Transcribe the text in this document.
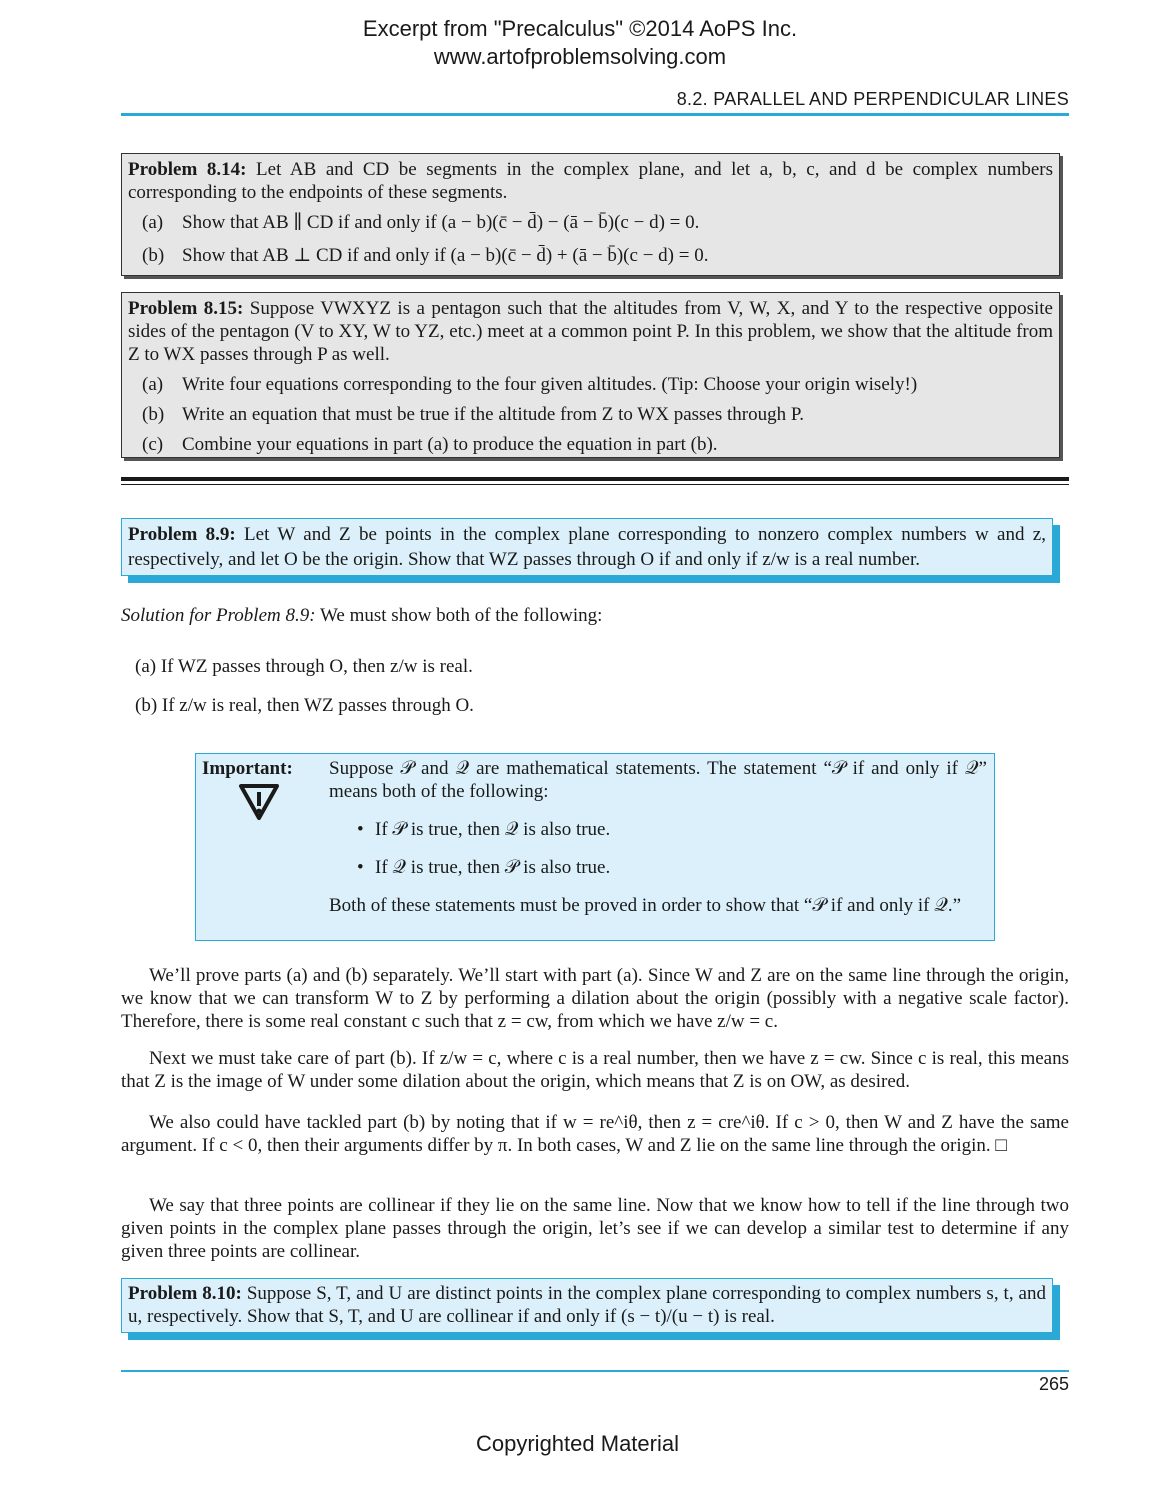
Excerpt from "Precalculus" ©2014 AoPS Inc.
www.artofproblemsolving.com
8.2. PARALLEL AND PERPENDICULAR LINES
Problem 8.14: Let AB and CD be segments in the complex plane, and let a, b, c, and d be complex numbers corresponding to the endpoints of these segments.
(a) Show that AB ∥ CD if and only if (a − b)(c̄ − d̄) − (ā − b̄)(c − d) = 0.
(b) Show that AB ⊥ CD if and only if (a − b)(c̄ − d̄) + (ā − b̄)(c − d) = 0.
Problem 8.15: Suppose VWXYZ is a pentagon such that the altitudes from V, W, X, and Y to the respective opposite sides of the pentagon (V to XY, W to YZ, etc.) meet at a common point P. In this problem, we show that the altitude from Z to WX passes through P as well.
(a) Write four equations corresponding to the four given altitudes. (Tip: Choose your origin wisely!)
(b) Write an equation that must be true if the altitude from Z to WX passes through P.
(c) Combine your equations in part (a) to produce the equation in part (b).
Problem 8.9: Let W and Z be points in the complex plane corresponding to nonzero complex numbers w and z, respectively, and let O be the origin. Show that WZ passes through O if and only if z/w is a real number.
Solution for Problem 8.9: We must show both of the following:
(a) If WZ passes through O, then z/w is real.
(b) If z/w is real, then WZ passes through O.
Important: Suppose 𝒫 and 𝒬 are mathematical statements. The statement “𝒫 if and only if 𝒬” means both of the following:
• If 𝒫 is true, then 𝒬 is also true.
• If 𝒬 is true, then 𝒫 is also true.
Both of these statements must be proved in order to show that “𝒫 if and only if 𝒬.”
We’ll prove parts (a) and (b) separately. We’ll start with part (a). Since W and Z are on the same line through the origin, we know that we can transform W to Z by performing a dilation about the origin (possibly with a negative scale factor). Therefore, there is some real constant c such that z = cw, from which we have z/w = c.
Next we must take care of part (b). If z/w = c, where c is a real number, then we have z = cw. Since c is real, this means that Z is the image of W under some dilation about the origin, which means that Z is on OW, as desired.
We also could have tackled part (b) by noting that if w = re^iθ, then z = cre^iθ. If c > 0, then W and Z have the same argument. If c < 0, then their arguments differ by π. In both cases, W and Z lie on the same line through the origin. □
We say that three points are collinear if they lie on the same line. Now that we know how to tell if the line through two given points in the complex plane passes through the origin, let’s see if we can develop a similar test to determine if any given three points are collinear.
Problem 8.10: Suppose S, T, and U are distinct points in the complex plane corresponding to complex numbers s, t, and u, respectively. Show that S, T, and U are collinear if and only if (s − t)/(u − t) is real.
265
Copyrighted Material
